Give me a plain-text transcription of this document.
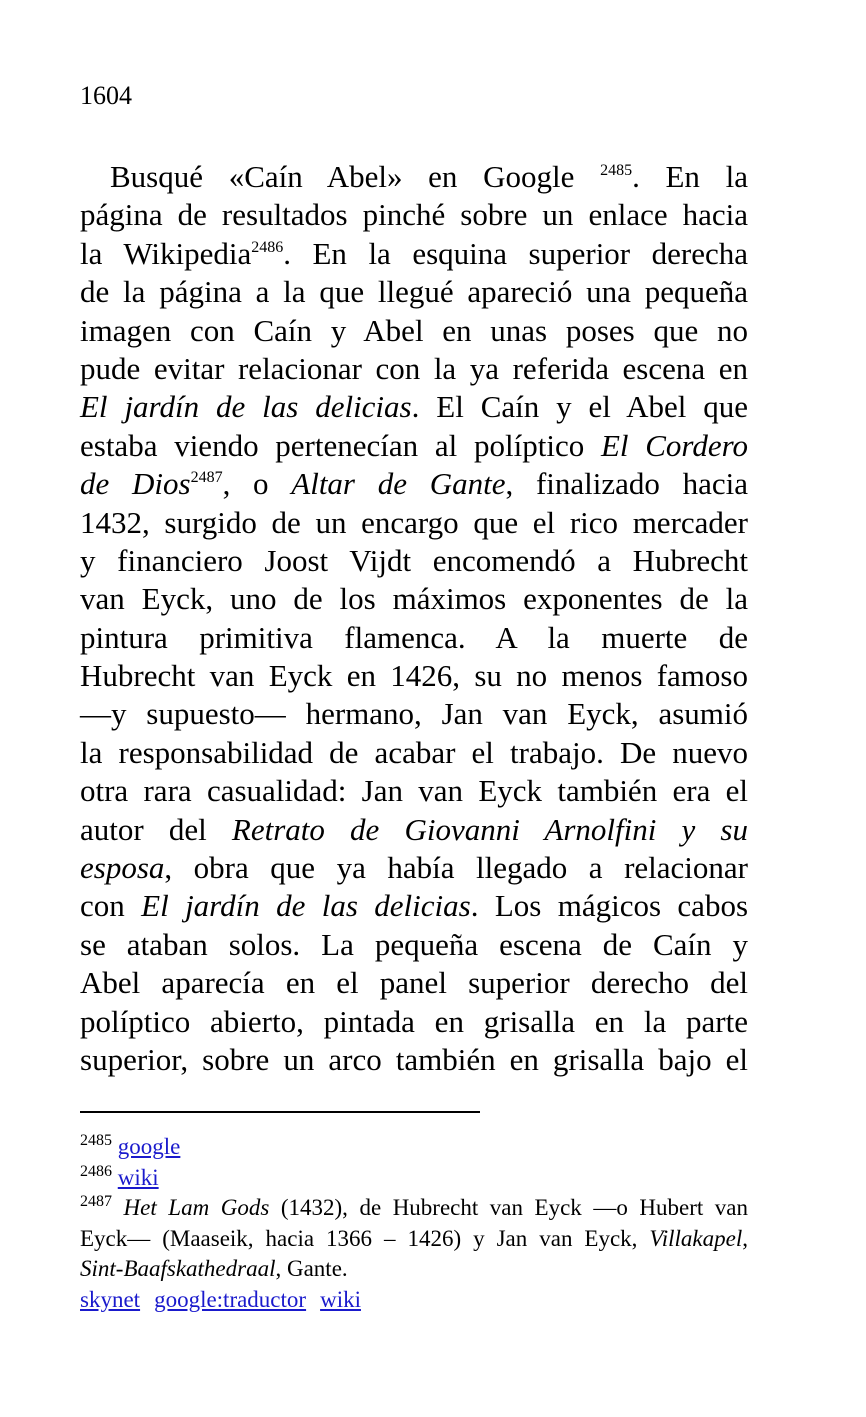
1604
Busqué «Caín Abel» en Google $^{2485}$. En la
página de resultados pinché sobre un enlace hacia
la Wikipedia$^{2486}$. En la esquina superior derecha
de la página a la que llegué apareció una pequeña
imagen con Caín y Abel en unas poses que no
pude evitar relacionar con la ya referida escena en
El jardín de las delicias. El Caín y el Abel que
estaba viendo pertenecían al políptico El Cordero
de Dios$^{2487}$, o Altar de Gante, finalizado hacia
1432, surgido de un encargo que el rico mercader
y financiero Joost Vijdt encomendó a Hubrecht
van Eyck, uno de los máximos exponentes de la
pintura primitiva flamenca. A la muerte de
Hubrecht van Eyck en 1426, su no menos famoso
—y supuesto— hermano, Jan van Eyck, asumió
la responsabilidad de acabar el trabajo. De nuevo
otra rara casualidad: Jan van Eyck también era el
autor del Retrato de Giovanni Arnolfini y su
esposa, obra que ya había llegado a relacionar
con El jardín de las delicias. Los mágicos cabos
se ataban solos. La pequeña escena de Caín y
Abel aparecía en el panel superior derecho del
políptico abierto, pintada en grisalla en la parte
superior, sobre un arco también en grisalla bajo el
$^{2485}$ google
$^{2486}$ wiki
$^{2487}$ Het Lam Gods (1432), de Hubrecht van Eyck —o Hubert van
Eyck— (Maaseik, hacia 1366 – 1426) y Jan van Eyck, Villakapel,
Sint-Baafskathedraal, Gante.
skynet google:traductor wiki
